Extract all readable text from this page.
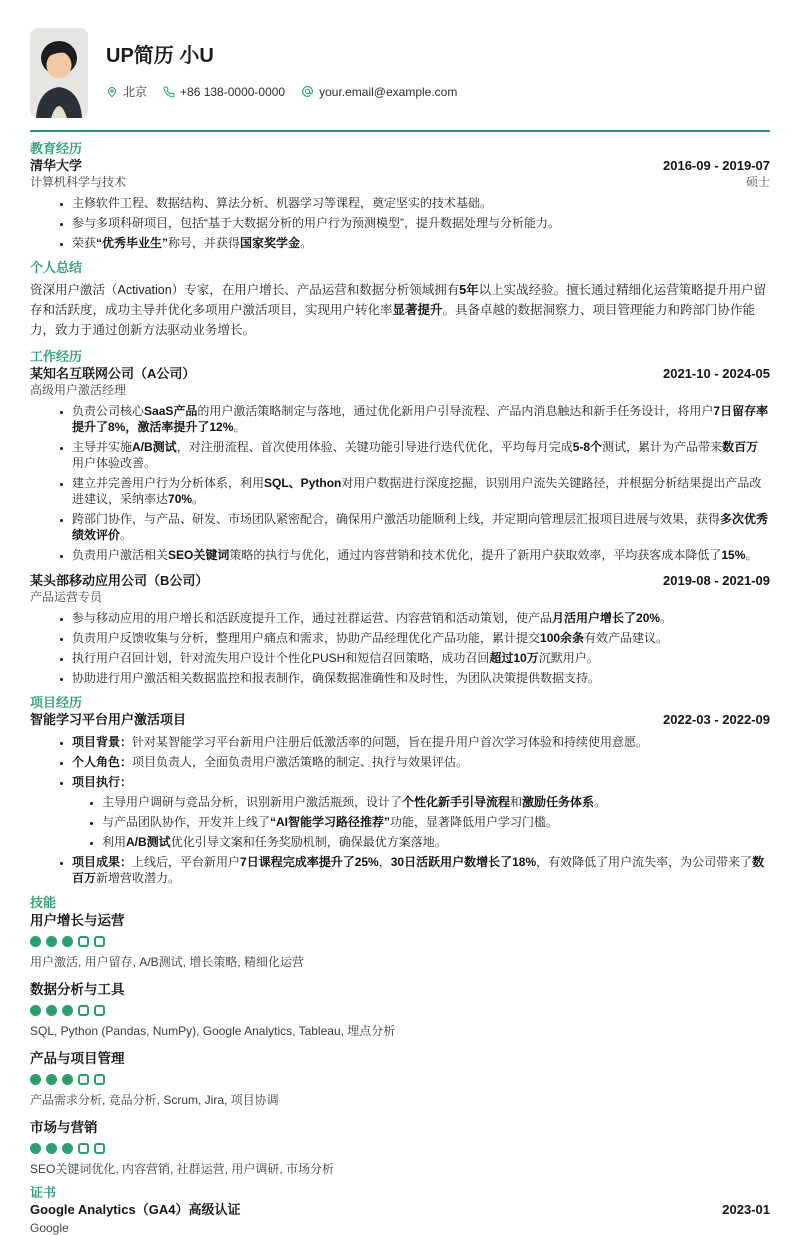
UP简历 小U
北京	+86 138-0000-0000	your.email@example.com
教育经历
清华大学	2016-09 - 2019-07
计算机科学与技术	硕士
• 主修软件工程、数据结构、算法分析、机器学习等课程，奠定坚实的技术基础。
• 参与多项科研项目，包括“基于大数据分析的用户行为预测模型”，提升数据处理与分析能力。
• 荣获“优秀毕业生”称号，并获得国家奖学金。
个人总结
资深用户激活（Activation）专家，在用户增长、产品运营和数据分析领域拥有5年以上实战经验。擅长通过精细化运营策略提升用户留存和活跃度，成功主导并优化多项用户激活项目，实现用户转化率显著提升。具备卓越的数据洞察力、项目管理能力和跨部门协作能力，致力于通过创新方法驱动业务增长。
工作经历
某知名互联网公司（A公司）	2021-10 - 2024-05
高级用户激活经理
• 负责公司核心SaaS产品的用户激活策略制定与落地，通过优化新用户引导流程、产品内消息触达和新手任务设计，将用户7日留存率提升了8%，激活率提升了12%。
• 主导并实施A/B测试，对注册流程、首次使用体验、关键功能引导进行迭代优化，平均每月完成5-8个测试，累计为产品带来数百万用户体验改善。
• 建立并完善用户行为分析体系，利用SQL、Python对用户数据进行深度挖掘，识别用户流失关键路径，并根据分析结果提出产品改进建议，采纳率达70%。
• 跨部门协作，与产品、研发、市场团队紧密配合，确保用户激活功能顺利上线，并定期向管理层汇报项目进展与效果，获得多次优秀绩效评价。
• 负责用户激活相关SEO关键词策略的执行与优化，通过内容营销和技术优化，提升了新用户获取效率，平均获客成本降低了15%。
某头部移动应用公司（B公司）	2019-08 - 2021-09
产品运营专员
• 参与移动应用的用户增长和活跃度提升工作，通过社群运营、内容营销和活动策划，使产品月活用户增长了20%。
• 负责用户反馈收集与分析，整理用户痛点和需求，协助产品经理优化产品功能，累计提交100余条有效产品建议。
• 执行用户召回计划，针对流失用户设计个性化PUSH和短信召回策略，成功召回超过10万沉默用户。
• 协助进行用户激活相关数据监控和报表制作，确保数据准确性和及时性，为团队决策提供数据支持。
项目经历
智能学习平台用户激活项目	2022-03 - 2022-09
• 项目背景：针对某智能学习平台新用户注册后低激活率的问题，旨在提升用户首次学习体验和持续使用意愿。
• 个人角色：项目负责人，全面负责用户激活策略的制定、执行与效果评估。
• 项目执行：
• 主导用户调研与竞品分析，识别新用户激活瓶颈，设计了个性化新手引导流程和激励任务体系。
• 与产品团队协作，开发并上线了“AI智能学习路径推荐”功能，显著降低用户学习门槛。
• 利用A/B测试优化引导文案和任务奖励机制，确保最优方案落地。
• 项目成果：上线后，平台新用户7日课程完成率提升了25%，30日活跃用户数增长了18%，有效降低了用户流失率，为公司带来了数百万新增营收潜力。
技能
用户增长与运营
用户激活, 用户留存, A/B测试, 增长策略, 精细化运营
数据分析与工具
SQL, Python (Pandas, NumPy), Google Analytics, Tableau, 埋点分析
产品与项目管理
产品需求分析, 竞品分析, Scrum, Jira, 项目协调
市场与营销
SEO关键词优化, 内容营销, 社群运营, 用户调研, 市场分析
证书
Google Analytics（GA4）高级认证	2023-01
Google
